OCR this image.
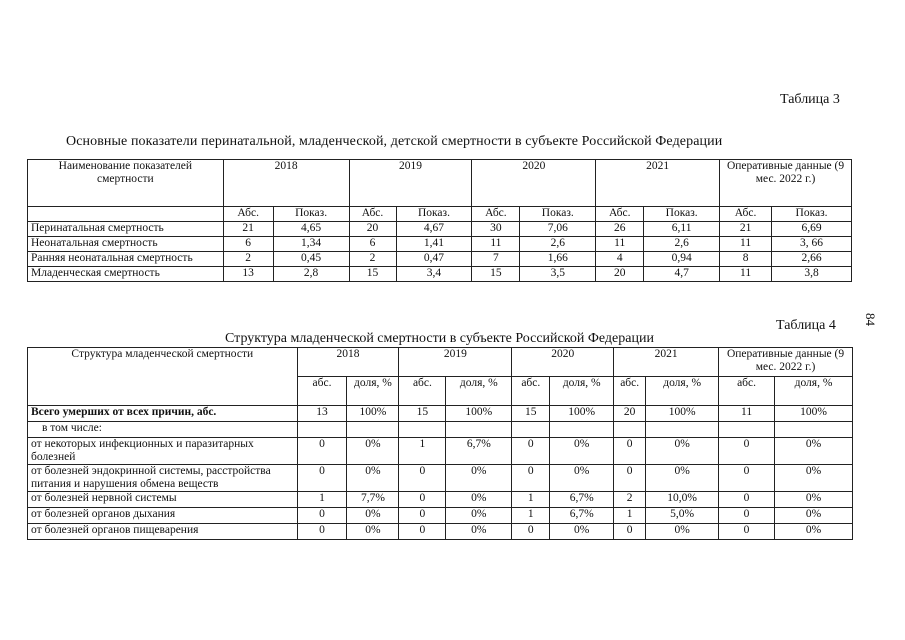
Таблица 3
Основные показатели перинатальной, младенческой, детской смертности в субъекте Российской Федерации
Наименование показателей смертности	2018		2019		2020		2021		Оперативные данные (9 мес. 2022 г.)	
	Абс.	Показ.	Абс.	Показ.	Абс.	Показ.	Абс.	Показ.	Абс.	Показ.
Перинатальная смертность	21	4,65	20	4,67	30	7,06	26	6,11	21	6,69
Неонатальная смертность	6	1,34	6	1,41	11	2,6	11	2,6	11	3, 66
Ранняя неонатальная смертность	2	0,45	2	0,47	7	1,66	4	0,94	8	2,66
Младенческая смертность	13	2,8	15	3,4	15	3,5	20	4,7	11	3,8
Таблица 4
Структура младенческой смертности в субъекте Российской Федерации
Структура младенческой смертности	2018		2019		2020		2021		Оперативные данные (9 мес. 2022 г.)	
	абс.	доля, %	абс.	доля, %	абс.	доля, %	абс.	доля, %	абс.	доля, %
Всего умерших от всех причин, абс.	13	100%	15	100%	15	100%	20	100%	11	100%
в том числе:										
от некоторых инфекционных и паразитарных болезней	0	0%	1	6,7%	0	0%	0	0%	0	0%
от болезней эндокринной системы, расстройства питания и нарушения обмена веществ	0	0%	0	0%	0	0%	0	0%	0	0%
от болезней нервной системы	1	7,7%	0	0%	1	6,7%	2	10,0%	0	0%
от болезней органов дыхания	0	0%	0	0%	1	6,7%	1	5,0%	0	0%
от болезней органов пищеварения	0	0%	0	0%	0	0%	0	0%	0	0%
84
